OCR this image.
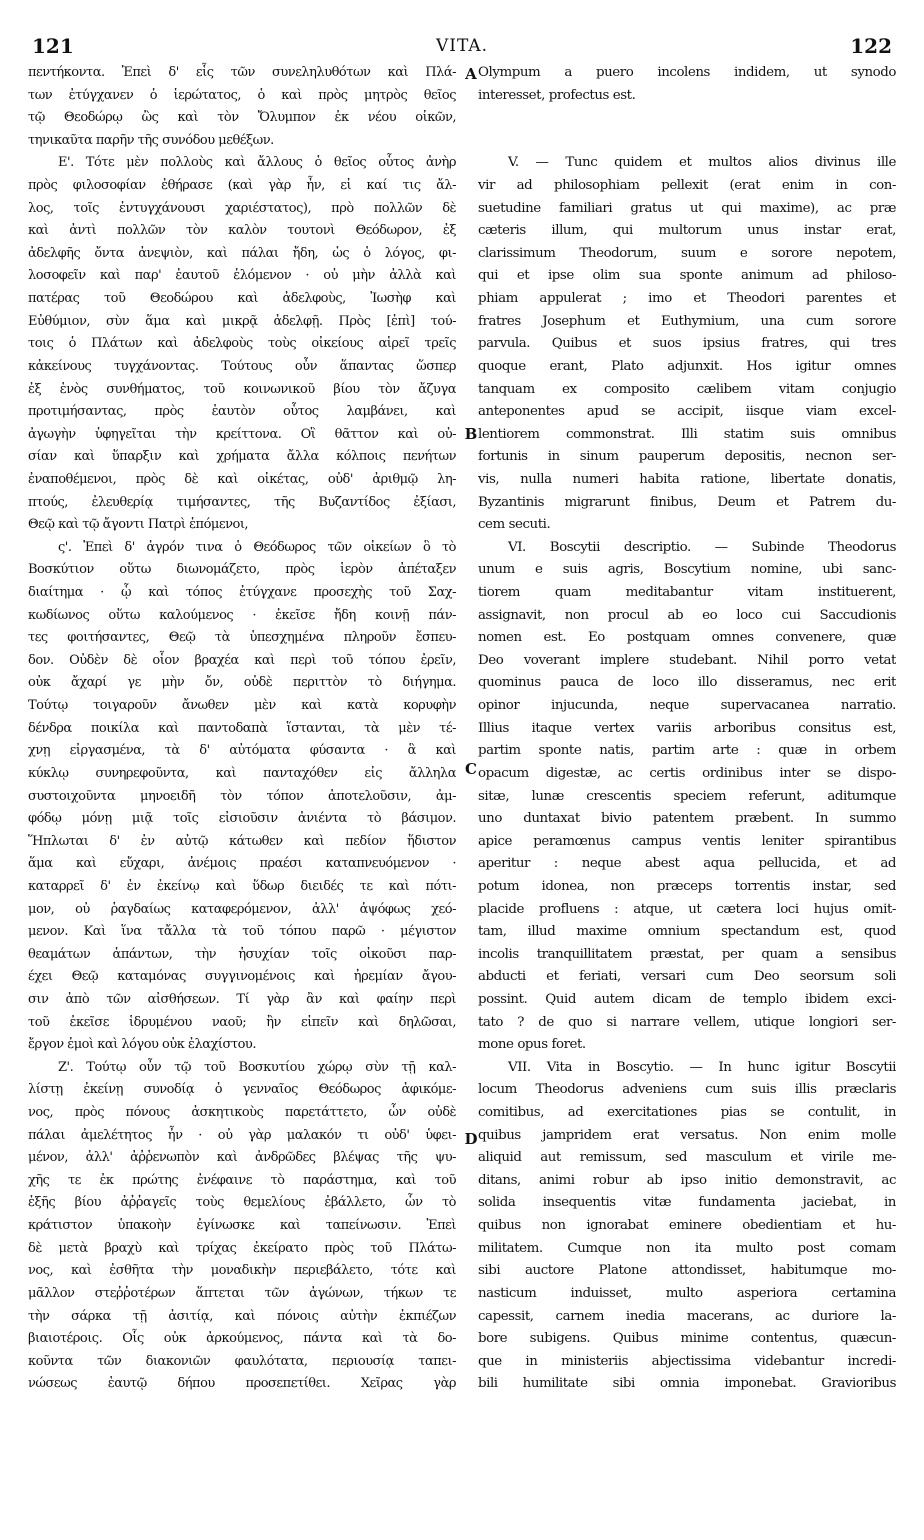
121	VITA.	122
A
B
C
D
πεντήκοντα. Ἐπεὶ δ' εἷς τῶν συνεληλυθότων καὶ Πλά-
των ἐτύγχανεν ὁ ἱερώτατος, ὁ καὶ πρὸς μητρὸς θεῖος
τῷ Θεοδώρῳ ὢς καὶ τὸν Ὄλυμπον ἐκ νέου οἰκῶν,
τηνικαῦτα παρῆν τῆς συνόδου μεθέξων.
Ε'. Τότε μὲν πολλοὺς καὶ ἄλλους ὁ θεῖος οὗτος ἀνὴρ
πρὸς φιλοσοφίαν ἐθήρασε (καὶ γὰρ ἦν, εἰ καί τις ἄλ-
λος, τοῖς ἐντυγχάνουσι χαριέστατος), πρὸ πολλῶν δὲ
καὶ ἀντὶ πολλῶν τὸν καλὸν τουτονὶ Θεόδωρον, ἐξ
ἀδελφῆς ὄντα ἀνεψιὸν, καὶ πάλαι ἤδη, ὡς ὁ λόγος, φι-
λοσοφεῖν καὶ παρ' ἑαυτοῦ ἑλόμενον · οὐ μὴν ἀλλὰ καὶ
πατέρας τοῦ Θεοδώρου καὶ ἀδελφοὺς, Ἰωσὴφ καὶ
Εὐθύμιον, σὺν ἅμα καὶ μικρᾷ ἀδελφῇ. Πρὸς [ἐπὶ] τού-
τοις ὁ Πλάτων καὶ ἀδελφοὺς τοὺς οἰκείους αἱρεῖ τρεῖς
κἀκείνους τυγχάνοντας. Τούτους οὖν ἅπαντας ὥσπερ
ἐξ ἑνὸς συνθήματος, τοῦ κοινωνικοῦ βίου τὸν ἄζυγα
προτιμήσαντας, πρὸς ἑαυτὸν οὗτος λαμβάνει, καὶ
ἀγωγὴν ὑφηγεῖται τὴν κρείττονα. Οἳ θᾶττον καὶ οὐ-
σίαν καὶ ὕπαρξιν καὶ χρήματα ἄλλα κόλποις πενήτων
ἐναποθέμενοι, πρὸς δὲ καὶ οἰκέτας, οὐδ' ἀριθμῷ λη-
πτούς, ἐλευθερίᾳ τιμήσαντες, τῆς Βυζαντίδος ἐξίασι,
Θεῷ καὶ τῷ ἄγοντι Πατρὶ ἑπόμενοι,
ς'. Ἐπεὶ δ' ἀγρόν τινα ὁ Θεόδωρος τῶν οἰκείων ὃ τὸ
Βοσκύτιον οὕτω διωνομάζετο, πρὸς ἱερὸν ἀπέταξεν
διαίτημα · ᾧ καὶ τόπος ἐτύγχανε προσεχὴς τοῦ Σαχ-
κωδίωνος οὕτω καλούμενος · ἐκεῖσε ἤδη κοινῇ πάν-
τες φοιτήσαντες, Θεῷ τὰ ὑπεσχημένα πληροῦν ἔσπευ-
δον. Οὐδὲν δὲ οἷον βραχέα καὶ περὶ τοῦ τόπου ἐρεῖν,
οὐκ ἄχαρί γε μὴν ὄν, οὐδὲ περιττὸν τὸ διήγημα.
Τούτῳ τοιγαροῦν ἄνωθεν μὲν καὶ κατὰ κορυφὴν
δένδρα ποικίλα καὶ παντοδαπὰ ἵστανται, τὰ μὲν τέ-
χνῃ εἰργασμένα, τὰ δ' αὐτόματα φύσαντα · ἃ καὶ
κύκλῳ συνηρεφοῦντα, καὶ πανταχόθεν εἰς ἄλληλα
συστοιχοῦντα μηνοειδῆ τὸν τόπον ἀποτελοῦσιν, ἀμ-
φόδῳ μόνῃ μιᾷ τοῖς εἰσιοῦσιν ἀνιέντα τὸ βάσιμον.
Ἥπλωται δ' ἐν αὐτῷ κάτωθεν καὶ πεδίον ἥδιστον
ἅμα καὶ εὔχαρι, ἀνέμοις πραέσι καταπνευόμενον ·
καταρρεῖ δ' ἐν ἐκείνῳ καὶ ὕδωρ διειδές τε καὶ πότι-
μον, οὐ ῥαγδαίως καταφερόμενον, ἀλλ' ἀψόφως χεό-
μενον. Καὶ ἵνα τἄλλα τὰ τοῦ τόπου παρῶ · μέγιστον
θεαμάτων ἁπάντων, τὴν ἡσυχίαν τοῖς οἰκοῦσι παρ-
έχει Θεῷ καταμόνας συγγινομένοις καὶ ἠρεμίαν ἄγου-
σιν ἀπὸ τῶν αἰσθήσεων. Τί γὰρ ἂν καὶ φαίην περὶ
τοῦ ἐκεῖσε ἱδρυμένου ναοῦ; ἢν εἰπεῖν καὶ δηλῶσαι,
ἔργον ἐμοὶ καὶ λόγου οὐκ ἐλαχίστου.
Ζ'. Τούτῳ οὖν τῷ τοῦ Βοσκυτίου χώρῳ σὺν τῇ καλ-
λίστῃ ἐκείνῃ συνοδίᾳ ὁ γενναῖος Θεόδωρος ἀφικόμε-
νος, πρὸς πόνους ἀσκητικοὺς παρετάττετο, ὧν οὐδὲ
πάλαι ἀμελέτητος ἦν · οὐ γὰρ μαλακόν τι οὐδ' ὑφει-
μένον, ἀλλ' ἀῤῥενωπὸν καὶ ἀνδρῶδες βλέψας τῆς ψυ-
χῆς τε ἐκ πρώτης ἐνέφαινε τὸ παράστημα, καὶ τοῦ
ἑξῆς βίου ἀῤῥαγεῖς τοὺς θεμελίους ἐβάλλετο, ὧν τὸ
κράτιστον ὑπακοὴν ἐγίνωσκε καὶ ταπείνωσιν. Ἐπεὶ
δὲ μετὰ βραχὺ καὶ τρίχας ἐκείρατο πρὸς τοῦ Πλάτω-
νος, καὶ ἐσθῆτα τὴν μοναδικὴν περιεβάλετο, τότε καὶ
μᾶλλον στεῤῥοτέρων ἅπτεται τῶν ἀγώνων, τήκων τε
τὴν σάρκα τῇ ἀσιτίᾳ, καὶ πόνοις αὐτὴν ἐκπιέζων
βιαιοτέροις. Οἷς οὐκ ἀρκούμενος, πάντα καὶ τὰ δο-
κοῦντα τῶν διακονιῶν φαυλότατα, περιουσίᾳ ταπει-
νώσεως ἑαυτῷ δήπου προσεπετίθει. Χεῖρας γὰρ
Olympum a puero incolens indidem, ut synodo
interesset, profectus est.
V. — Tunc quidem et multos alios divinus ille
vir ad philosophiam pellexit (erat enim in con-
suetudine familiari gratus ut qui maxime), ac præ
cæteris illum, qui multorum unus instar erat,
clarissimum Theodorum, suum e sorore nepotem,
qui et ipse olim sua sponte animum ad philoso-
phiam appulerat ; imo et Theodori parentes et
fratres Josephum et Euthymium, una cum sorore
parvula. Quibus et suos ipsius fratres, qui tres
quoque erant, Plato adjunxit. Hos igitur omnes
tanquam ex composito cælibem vitam conjugio
anteponentes apud se accipit, iisque viam excel-
lentiorem commonstrat. Illi statim suis omnibus
fortunis in sinum pauperum depositis, necnon ser-
vis, nulla numeri habita ratione, libertate donatis,
Byzantinis migrarunt finibus, Deum et Patrem du-
cem secuti.
VI. Boscytii descriptio. — Subinde Theodorus
unum e suis agris, Boscytium nomine, ubi sanc-
tiorem quam meditabantur vitam instituerent,
assignavit, non procul ab eo loco cui Saccudionis
nomen est. Eo postquam omnes convenere, quæ
Deo voverant implere studebant. Nihil porro vetat
quominus pauca de loco illo disseramus, nec erit
opinor injucunda, neque supervacanea narratio.
Illius itaque vertex variis arboribus consitus est,
partim sponte natis, partim arte : quæ in orbem
opacum digestæ, ac certis ordinibus inter se dispo-
sitæ, lunæ crescentis speciem referunt, aditumque
uno duntaxat bivio patentem præbent. In summo
apice peramœnus campus ventis leniter spirantibus
aperitur : neque abest aqua pellucida, et ad
potum idonea, non præceps torrentis instar, sed
placide profluens : atque, ut cætera loci hujus omit-
tam, illud maxime omnium spectandum est, quod
incolis tranquillitatem præstat, per quam a sensibus
abducti et feriati, versari cum Deo seorsum soli
possint. Quid autem dicam de templo ibidem exci-
tato ? de quo si narrare vellem, utique longiori ser-
mone opus foret.
VII. Vita in Boscytio. — In hunc igitur Boscytii
locum Theodorus adveniens cum suis illis præclaris
comitibus, ad exercitationes pias se contulit, in
quibus jampridem erat versatus. Non enim molle
aliquid aut remissum, sed masculum et virile me-
ditans, animi robur ab ipso initio demonstravit, ac
solida insequentis vitæ fundamenta jaciebat, in
quibus non ignorabat eminere obedientiam et hu-
militatem. Cumque non ita multo post comam
sibi auctore Platone attondisset, habitumque mo-
nasticum induisset, multo asperiora certamina
capessit, carnem inedia macerans, ac duriore la-
bore subigens. Quibus minime contentus, quæcun-
que in ministeriis abjectissima videbantur incredi-
bili humilitate sibi omnia imponebat. Gravioribus
